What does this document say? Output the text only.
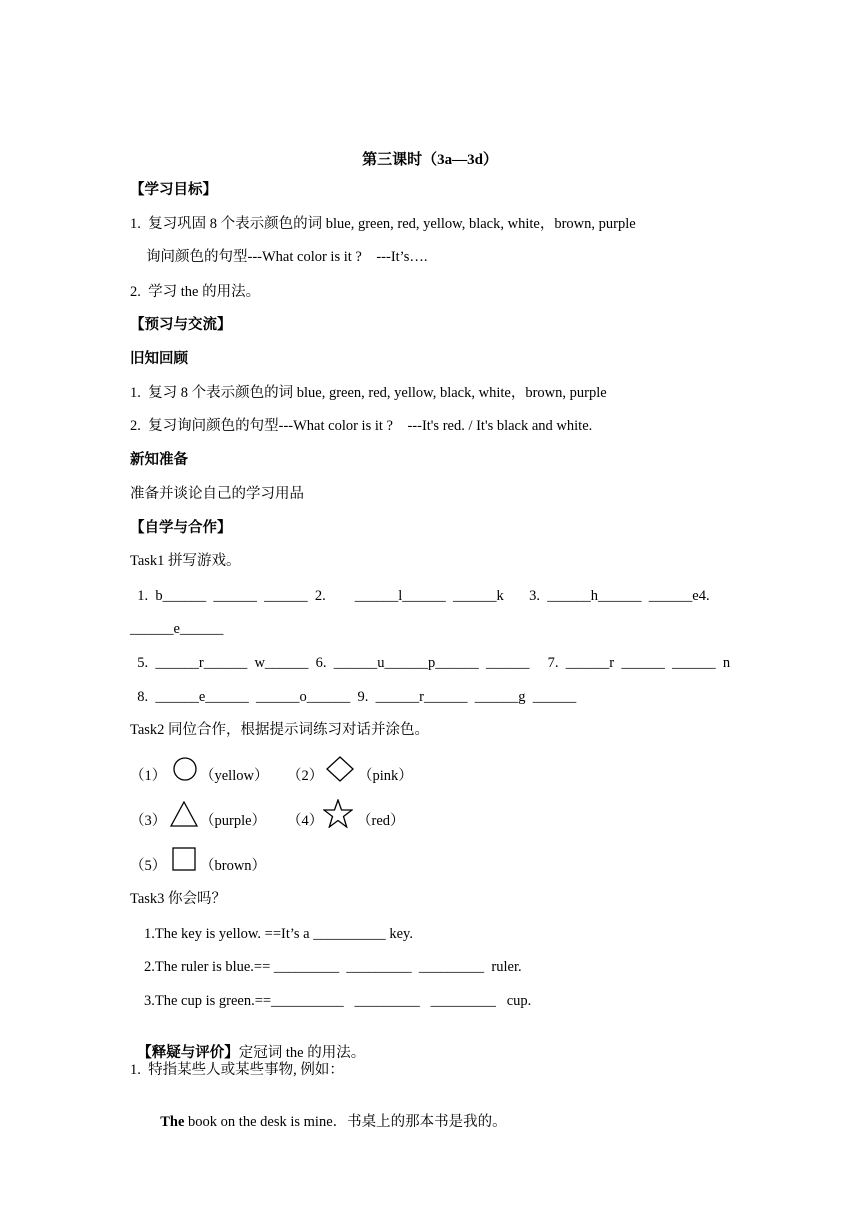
第三课时（3a—3d）
【学习目标】
1.  复习巩固 8 个表示颜色的词 blue, green, red, yellow, black, white，brown, purple
询问颜色的句型---What color is it ?    ---It’s….
2.  学习 the 的用法。
【预习与交流】
旧知回顾
1.  复习 8 个表示颜色的词 blue, green, red, yellow, black, white，brown, purple
2.  复习询问颜色的句型---What color is it ?    ---It's red. / It's black and white.
新知准备
准备并谈论自己的学习用品
【自学与合作】
Task1 拼写游戏。
1.  b______  ______  ______  2.        ______l______  ______k       3.  ______h______  ______e4.
______e______
5.  ______r______  w______  6.  ______u______p______  ______     7.  ______r  ______  ______  n
8.  ______e______  ______o______  9.  ______r______  ______g  ______
Task2 同位合作，根据提示词练习对话并涂色。
（1） （yellow） （2） （pink）
（3） （purple） （4） （red）
（5） （brown）
Task3 你会吗？
1.The key is yellow. ==It’s a __________ key.
2.The ruler is blue.== _________  _________  _________  ruler.
3.The cup is green.==__________   _________   _________   cup.

【释疑与评价】定冠词 the 的用法。

1.  特指某些人或某些事物, 例如：

The book on the desk is mine．书桌上的那本书是我的。
